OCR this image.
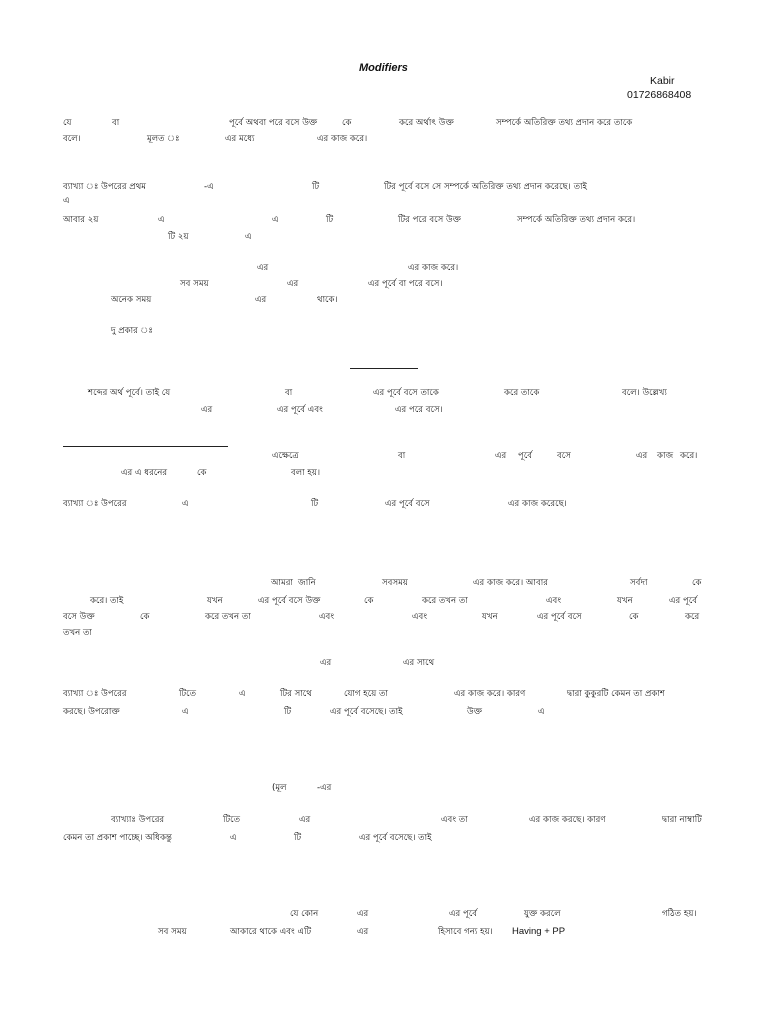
Modifiers
Kabir
01726868408
যে	বা	পূর্বে অথবা পরে বসে উক্ত	কে	করে অর্থাৎ উক্ত	সম্পর্কে অতিরিক্ত তথ্য প্রদান করে তাকে
বলে।	মূলত ঃ	এর মধ্যে	এর কাজ করে।
ব্যাখ্যা ঃ উপরের প্রথম	-এ	টি	টির পূর্বে বসে সে সম্পর্কে অতিরিক্ত তথ্য প্রদান করেছে। তাই
এ
আবার ২য়	এ	এ	টি	টির পরে বসে উক্ত	সম্পর্কে অতিরিক্ত তথ্য প্রদান করে।
টি ২য়	এ
এর	এর কাজ করে।
সব সময়	এর	এর পূর্বে বা পরে বসে।
অনেক সময়	এর	থাকে।
দু প্রকার ঃ
শব্দের অর্থ পূর্বে। তাই যে	বা	এর পূর্বে বসে তাকে	করে তাকে	বলে। উল্লেখ্য
এর	এর পূর্বে এবং	এর পরে বসে।
এক্ষেত্রে	বা	এর পূর্বে	বসে	এর কাজ করে।
এর এ ধরনের	কে	বলা হয়।
ব্যাখ্যা ঃ উপরের	এ	টি	এর পূর্বে বসে	এর কাজ করেছে।
আমরা জানি	সবসময়	এর কাজ করে। আবার	সর্বদা	কে
করে। তাই	যখন	এর পূর্বে বসে উক্ত	কে	করে তখন তা	এবং	যখন	এর পূর্বে
বসে উক্ত	কে	করে তখন তা	এবং	এবং	যখন	এর পূর্বে বসে	কে	করে
তখন তা
এর	এর সাথে
ব্যাখ্যা ঃ উপরের	টিতে	এ	টির সাথে	যোগ হয়ে তা	এর কাজ করে। কারণ	দ্বারা কুকুরটি কেমন তা প্রকাশ
করছে। উপরোক্ত	এ	টি	এর পূর্বে বসেছে। তাই	উক্ত	এ
(মূল	-এর
ব্যাখ্যাঃ উপরের	টিতে	এর	এবং তা	এর কাজ করছে। কারণ	দ্বারা নাম্বাটি
কেমন তা প্রকাশ পাচ্ছে। অধিকন্তু	এ	টি	এর পূর্বে বসেছে। তাই
যে কোন	এর	এর পূর্বে	যুক্ত করলে	গঠিত হয়।
সব সময়	আকারে থাকে এবং এটি	এর	হিসাবে গন্য হয়। Having + PP
